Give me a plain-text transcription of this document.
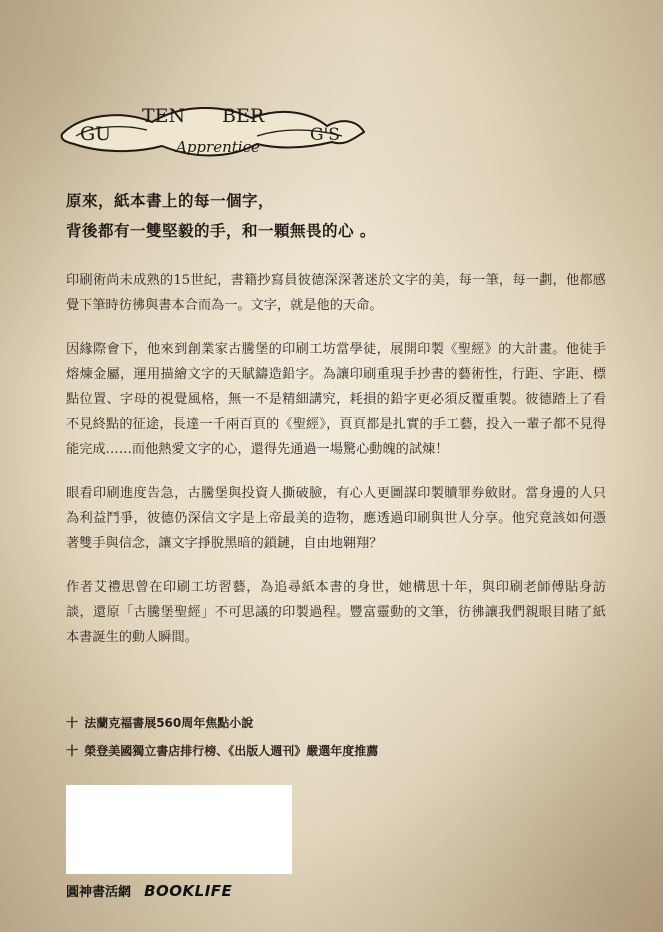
GU
TEN BER
G'S
Apprentice
原來，紙本書上的每一個字，
背後都有一雙堅毅的手，和一顆無畏的心 。

印刷術尚未成熟的15世紀，書籍抄寫員彼德深深著迷於文字的美，每一筆，每一劃，他都感覺下筆時彷彿與書本合而為一。文字，就是他的天命。

因緣際會下，他來到創業家古騰堡的印刷工坊當學徒，展開印製《聖經》的大計畫。他徒手熔煉金屬，運用描繪文字的天賦鑄造鉛字。為讓印刷重現手抄書的藝術性，行距、字距、標點位置、字母的視覺風格，無一不是精細講究，耗損的鉛字更必須反覆重製。彼德踏上了看不見終點的征途，長達一千兩百頁的《聖經》，頁頁都是扎實的手工藝，投入一輩子都不見得能完成……而他熱愛文字的心，還得先通過一場驚心動魄的試煉！

眼看印刷進度告急，古騰堡與投資人撕破臉，有心人更圖謀印製贖罪券斂財。當身邊的人只為利益鬥爭，彼德仍深信文字是上帝最美的造物，應透過印刷與世人分享。他究竟該如何憑著雙手與信念，讓文字掙脫黑暗的鎖鏈，自由地翱翔？

作者艾禮思曾在印刷工坊習藝，為追尋紙本書的身世，她構思十年，與印刷老師傅貼身訪談，還原「古騰堡聖經」不可思議的印製過程。豐富靈動的文筆，彷彿讓我們親眼目睹了紙本書誕生的動人瞬間。

十 法蘭克福書展560周年焦點小說
十 榮登美國獨立書店排行榜、《出版人週刊》嚴選年度推薦
圓神書活網 BOOKLIFE
